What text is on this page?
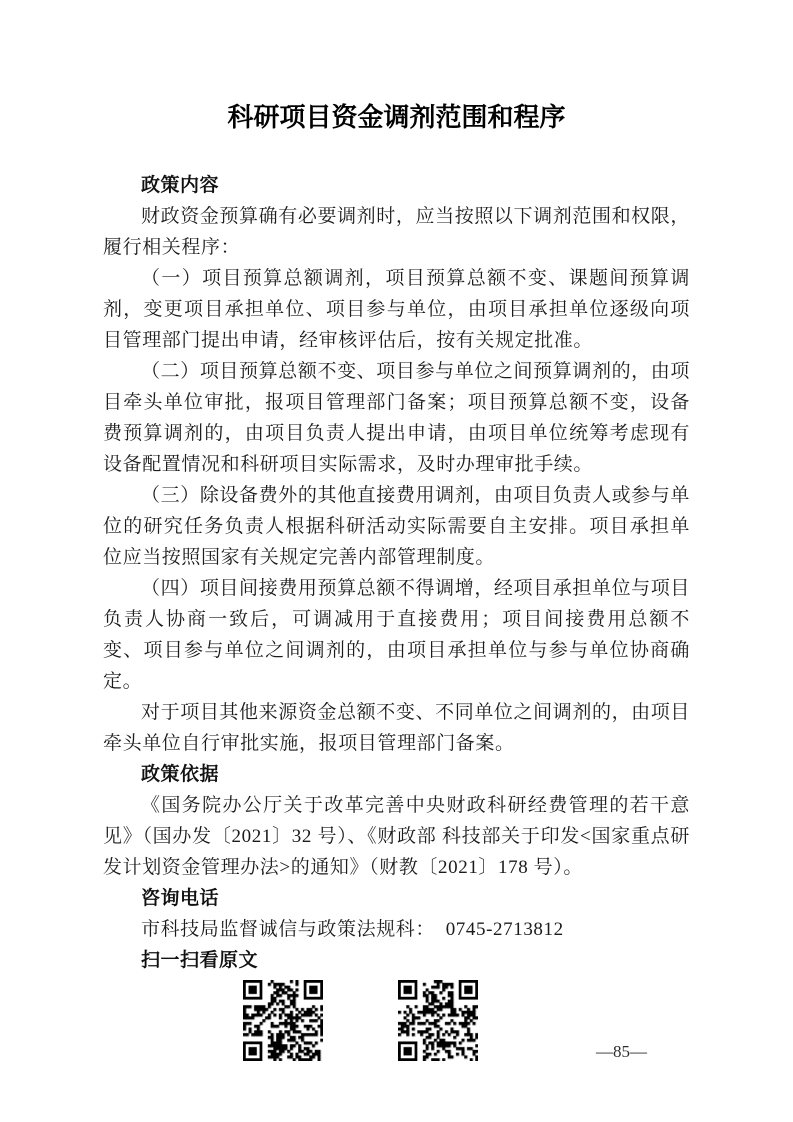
科研项目资金调剂范围和程序
政策内容

财政资金预算确有必要调剂时，应当按照以下调剂范围和权限，履行相关程序：

（一）项目预算总额调剂，项目预算总额不变、课题间预算调剂，变更项目承担单位、项目参与单位，由项目承担单位逐级向项目管理部门提出申请，经审核评估后，按有关规定批准。

（二）项目预算总额不变、项目参与单位之间预算调剂的，由项目牵头单位审批，报项目管理部门备案；项目预算总额不变，设备费预算调剂的，由项目负责人提出申请，由项目单位统筹考虑现有设备配置情况和科研项目实际需求，及时办理审批手续。

（三）除设备费外的其他直接费用调剂，由项目负责人或参与单位的研究任务负责人根据科研活动实际需要自主安排。项目承担单位应当按照国家有关规定完善内部管理制度。

（四）项目间接费用预算总额不得调增，经项目承担单位与项目负责人协商一致后，可调减用于直接费用；项目间接费用总额不变、项目参与单位之间调剂的，由项目承担单位与参与单位协商确定。

对于项目其他来源资金总额不变、不同单位之间调剂的，由项目牵头单位自行审批实施，报项目管理部门备案。

政策依据

《国务院办公厅关于改革完善中央财政科研经费管理的若干意见》（国办发〔2021〕32 号）、《财政部 科技部关于印发<国家重点研发计划资金管理办法>的通知》（财教〔2021〕178 号）。

咨询电话

市科技局监督诚信与政策法规科：  0745-2713812

扫一扫看原文
—85—
